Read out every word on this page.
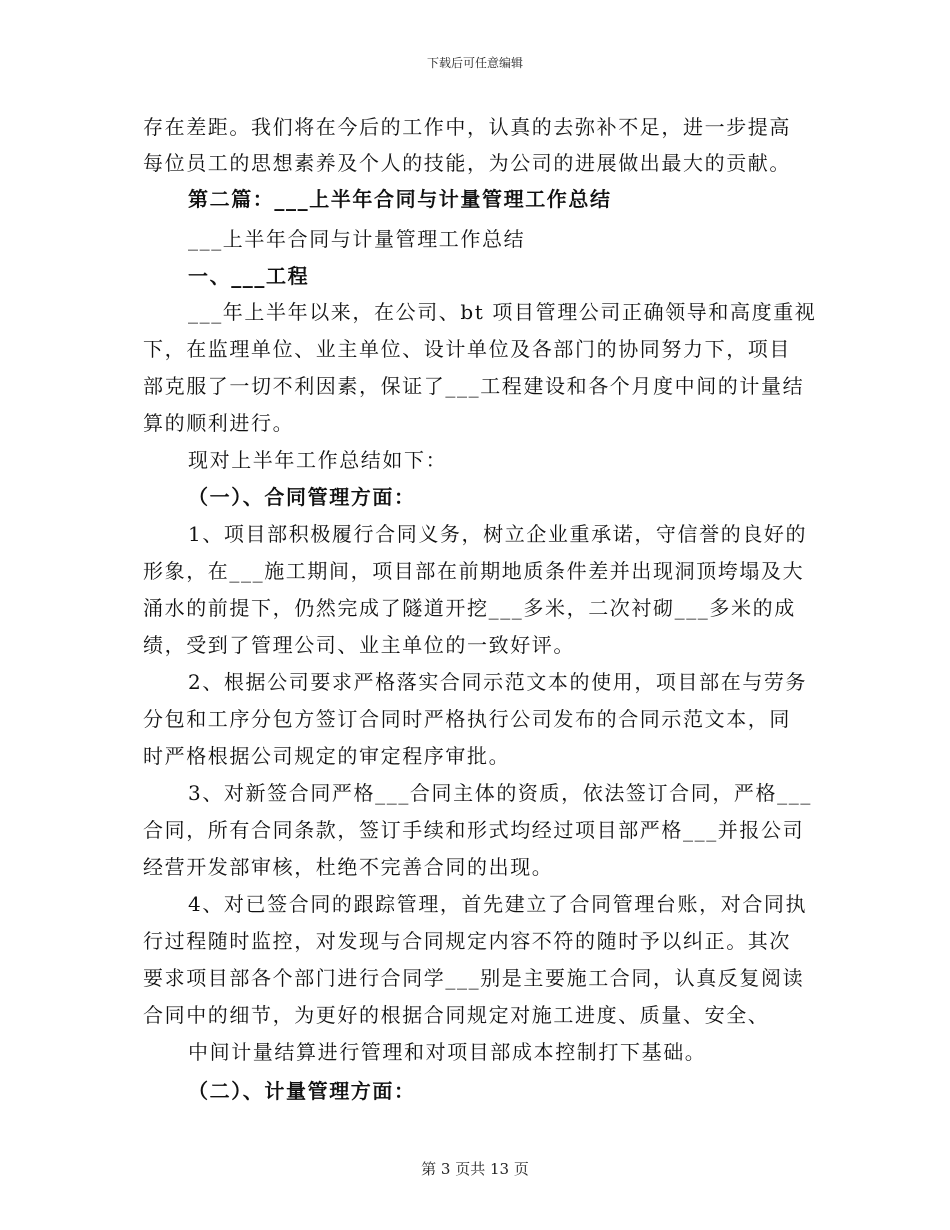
下载后可任意编辑
存在差距。我们将在今后的工作中，认真的去弥补不足，进一步提高
每位员工的思想素养及个人的技能，为公司的进展做出最大的贡献。
第二篇：___上半年合同与计量管理工作总结
___上半年合同与计量管理工作总结
一、___工程
___年上半年以来，在公司、bt 项目管理公司正确领导和高度重视
下，在监理单位、业主单位、设计单位及各部门的协同努力下，项目
部克服了一切不利因素，保证了___工程建设和各个月度中间的计量结
算的顺利进行。
现对上半年工作总结如下：
（一）、合同管理方面：
1、项目部积极履行合同义务，树立企业重承诺，守信誉的良好的
形象，在___施工期间，项目部在前期地质条件差并出现洞顶垮塌及大
涌水的前提下，仍然完成了隧道开挖___多米，二次衬砌___多米的成
绩，受到了管理公司、业主单位的一致好评。
2、根据公司要求严格落实合同示范文本的使用，项目部在与劳务
分包和工序分包方签订合同时严格执行公司发布的合同示范文本，同
时严格根据公司规定的审定程序审批。
3、对新签合同严格___合同主体的资质，依法签订合同，严格___
合同，所有合同条款，签订手续和形式均经过项目部严格___并报公司
经营开发部审核，杜绝不完善合同的出现。
4、对已签合同的跟踪管理，首先建立了合同管理台账，对合同执
行过程随时监控，对发现与合同规定内容不符的随时予以纠正。其次
要求项目部各个部门进行合同学___别是主要施工合同，认真反复阅读
合同中的细节，为更好的根据合同规定对施工进度、质量、安全、
中间计量结算进行管理和对项目部成本控制打下基础。
（二）、计量管理方面：
第 3 页共 13 页
